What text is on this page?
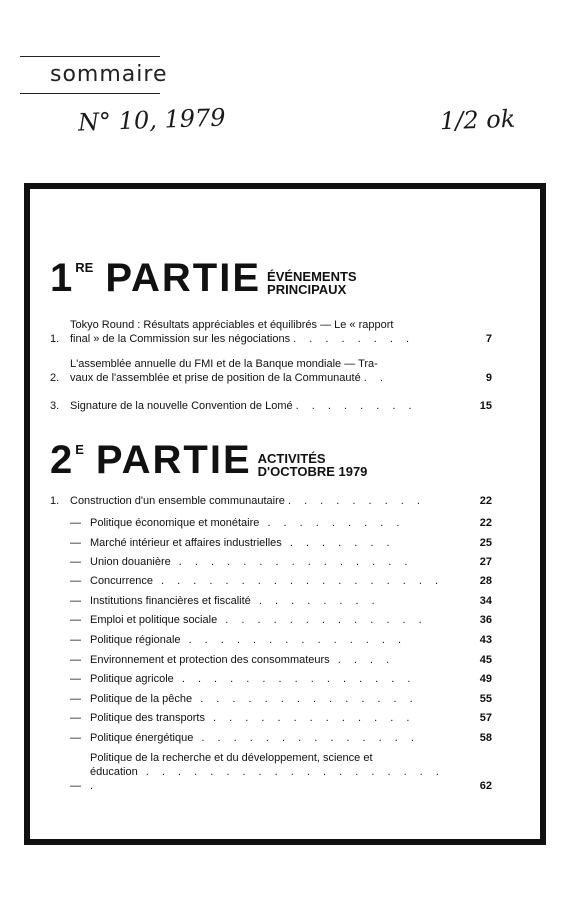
sommaire
N° 10, 1979	1/2 ok
1 RE PARTIE ÉVÉNEMENTS
PRINCIPAUX
1.
Tokyo Round : Résultats appréciables et équilibrés — Le « rapport
final » de la Commission sur les négociations . . . . . . . .	7
2.
L'assemblée annuelle du FMI et de la Banque mondiale — Tra-
vaux de l'assemblée et prise de position de la Communauté . .	9
3. Signature de la nouvelle Convention de Lomé . . . . . . . .	15
2 E PARTIE ACTIVITÉS
D'OCTOBRE 1979
1. Construction d'un ensemble communautaire . . . . . . . . .	22
— Politique économique et monétaire . . . . . . . . .	22
— Marché intérieur et affaires industrielles . . . . . . .	25
— Union douanière . . . . . . . . . . . . . . .	27
— Concurrence . . . . . . . . . . . . . . . . . .	28
— Institutions financières et fiscalité . . . . . . . .	34
— Emploi et politique sociale . . . . . . . . . . . . .	36
— Politique régionale . . . . . . . . . . . . . .	43
— Environnement et protection des consommateurs . . . .	45
— Politique agricole . . . . . . . . . . . . . . .	49
— Politique de la pêche . . . . . . . . . . . . . .	55
— Politique des transports . . . . . . . . . . . . .	57
— Politique énergétique . . . . . . . . . . . . . .	58
—
Politique de la recherche et du développement, science et
éducation . . . . . . . . . . . . . . . . . . . .	62
